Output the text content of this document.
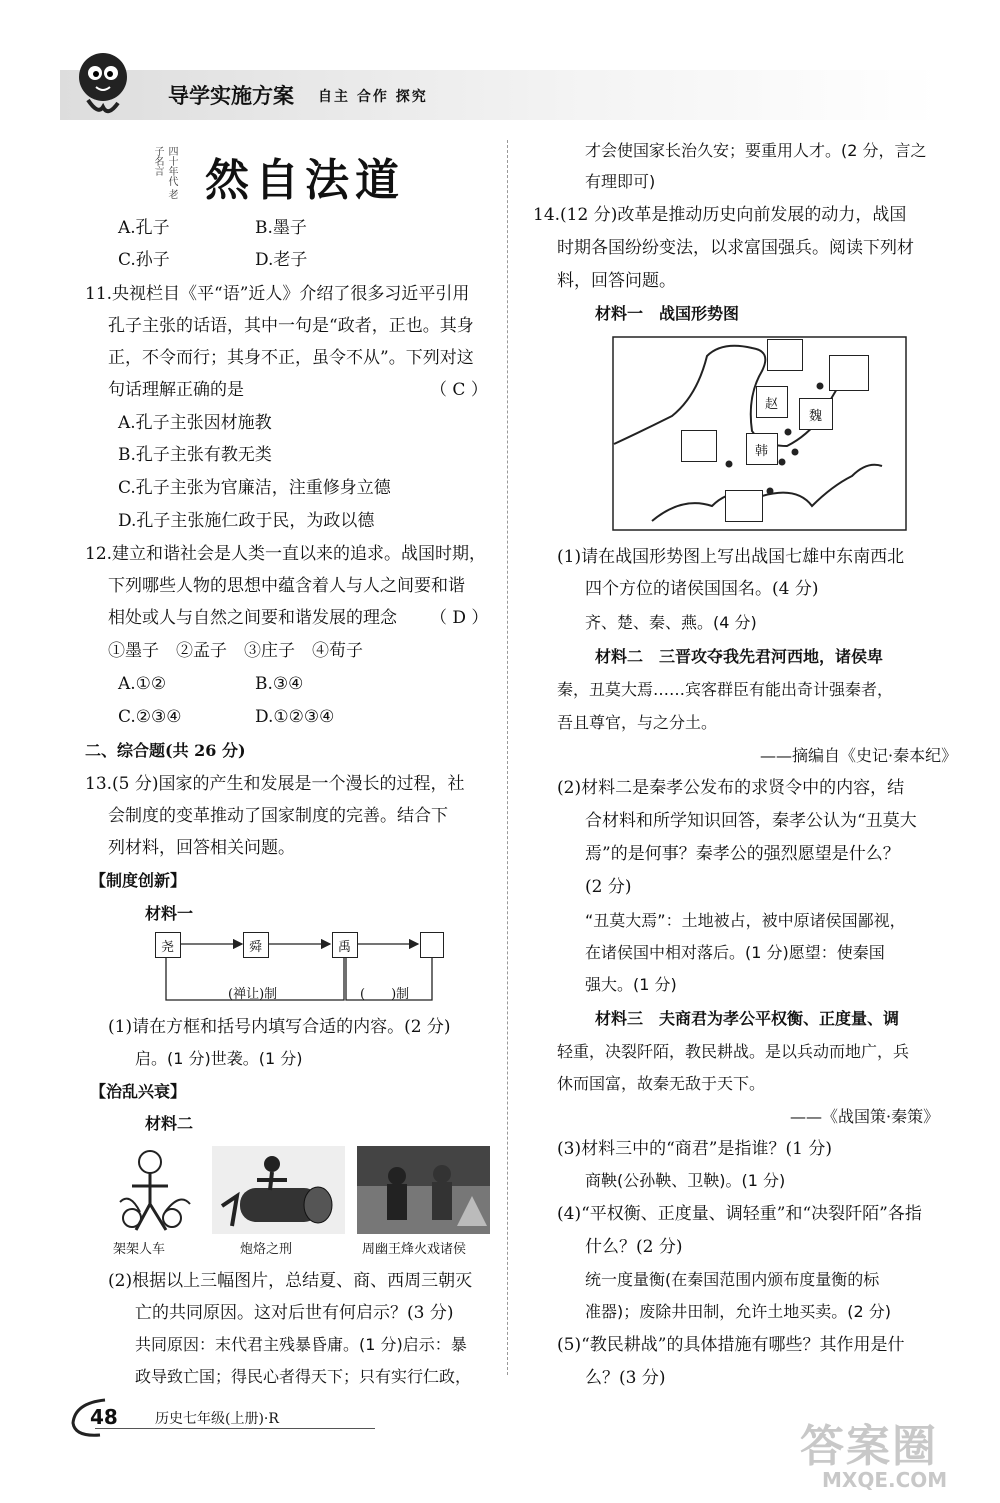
导学实施方案 自主 合作 探究
四十年代 老子名言 道法自然
A.孔子	B.墨子
C.孙子	D.老子
11.央视栏目《平“语”近人》介绍了很多习近平引用
孔子主张的话语，其中一句是“政者，正也。其身
正，不令而行；其身不正，虽令不从”。下列对这
句话理解正确的是	（ C ）
A.孔子主张因材施教
B.孔子主张有教无类
C.孔子主张为官廉洁，注重修身立德
D.孔子主张施仁政于民，为政以德
12.建立和谐社会是人类一直以来的追求。战国时期，
下列哪些人物的思想中蕴含着人与人之间要和谐
相处或人与自然之间要和谐发展的理念 （ D ）
①墨子　②孟子　③庄子　④荀子
A.①②	B.③④
C.②③④	D.①②③④
二、综合题(共 26 分)
13.(5 分)国家的产生和发展是一个漫长的过程，社
会制度的变革推动了国家制度的完善。结合下
列材料，回答相关问题。
【制度创新】
材料一
尧	舜	禹
(禅让)制	(　　)制
(1)请在方框和括号内填写合适的内容。(2 分)
启。(1 分)世袭。(1 分)
【治乱兴衰】
材料二
架架人车	炮烙之刑	周幽王烽火戏诸侯
(2)根据以上三幅图片，总结夏、商、西周三朝灭
亡的共同原因。这对后世有何启示？(3 分)
共同原因：末代君主残暴昏庸。(1 分)启示：暴
政导致亡国；得民心者得天下；只有实行仁政，
才会使国家长治久安；要重用人才。(2 分，言之
有理即可)
14.(12 分)改革是推动历史向前发展的动力，战国
时期各国纷纷变法，以求富国强兵。阅读下列材
料，回答问题。
材料一　战国形势图
赵
魏
韩
(1)请在战国形势图上写出战国七雄中东南西北
四个方位的诸侯国国名。(4 分)
齐、楚、秦、燕。(4 分)
材料二　三晋攻夺我先君河西地，诸侯卑
秦，丑莫大焉……宾客群臣有能出奇计强秦者，
吾且尊官，与之分土。
——摘编自《史记·秦本纪》
(2)材料二是秦孝公发布的求贤令中的内容，结
合材料和所学知识回答，秦孝公认为“丑莫大
焉”的是何事？秦孝公的强烈愿望是什么？
(2 分)
“丑莫大焉”：土地被占，被中原诸侯国鄙视，
在诸侯国中相对落后。(1 分)愿望：使秦国
强大。(1 分)
材料三　夫商君为孝公平权衡、正度量、调
轻重，决裂阡陌，教民耕战。是以兵动而地广，兵
休而国富，故秦无敌于天下。
——《战国策·秦策》
(3)材料三中的“商君”是指谁？(1 分)
商鞅(公孙鞅、卫鞅)。(1 分)
(4)“平权衡、正度量、调轻重”和“决裂阡陌”各指
什么？(2 分)
统一度量衡(在秦国范围内颁布度量衡的标
准器)；废除井田制，允许土地买卖。(2 分)
(5)“教民耕战”的具体措施有哪些？其作用是什
么？(3 分)
48	历史七年级(上册)·R
答案圈
MXQE.COM
